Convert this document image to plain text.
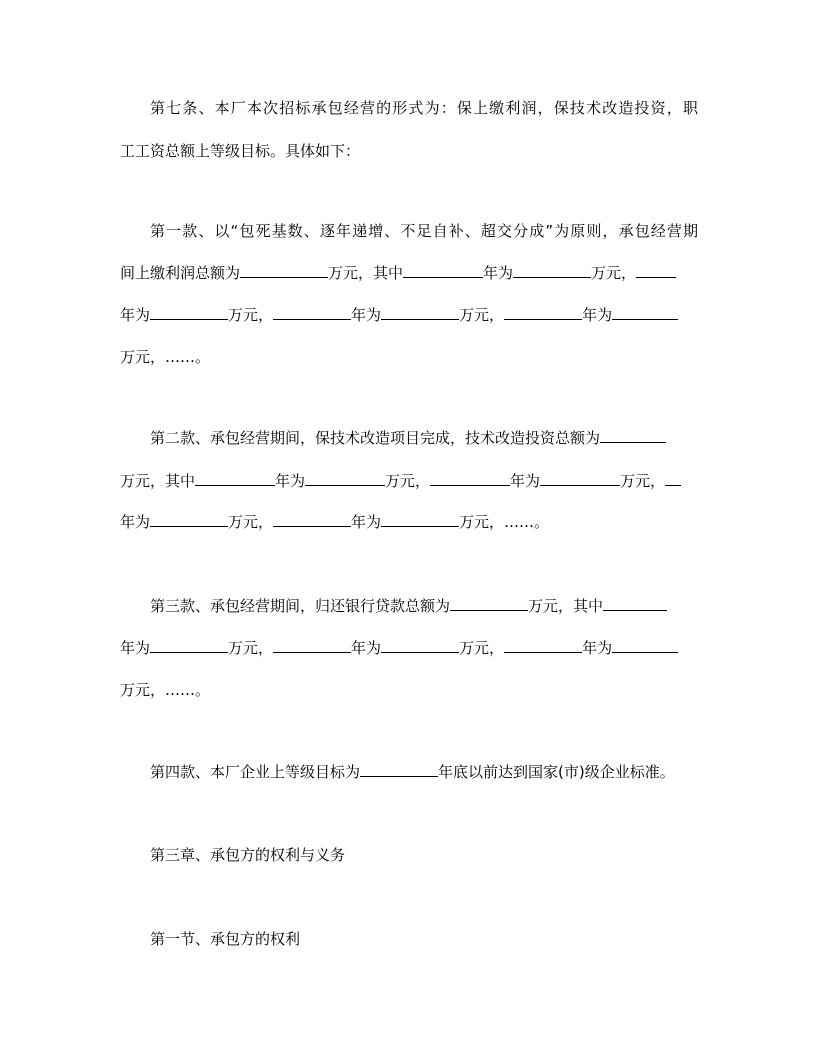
第七条、本厂本次招标承包经营的形式为：保上缴利润，保技术改造投资，职
工工资总额上等级目标。具体如下：
第一款、以“包死基数、逐年递增、不足自补、超交分成”为原则，承包经营期
间上缴利润总额为	万元，其中	年为	万元，
年为	万元，	年为	万元，	年为
万元，……。
第二款、承包经营期间，保技术改造项目完成，技术改造投资总额为
万元，其中	年为	万元，	年为	万元，
年为	万元，	年为	万元，……。
第三款、承包经营期间，归还银行贷款总额为	万元，其中
年为	万元，	年为	万元，	年为
万元，……。
第四款、本厂企业上等级目标为	年底以前达到国家(市)级企业标准。
第三章、承包方的权利与义务
第一节、承包方的权利
